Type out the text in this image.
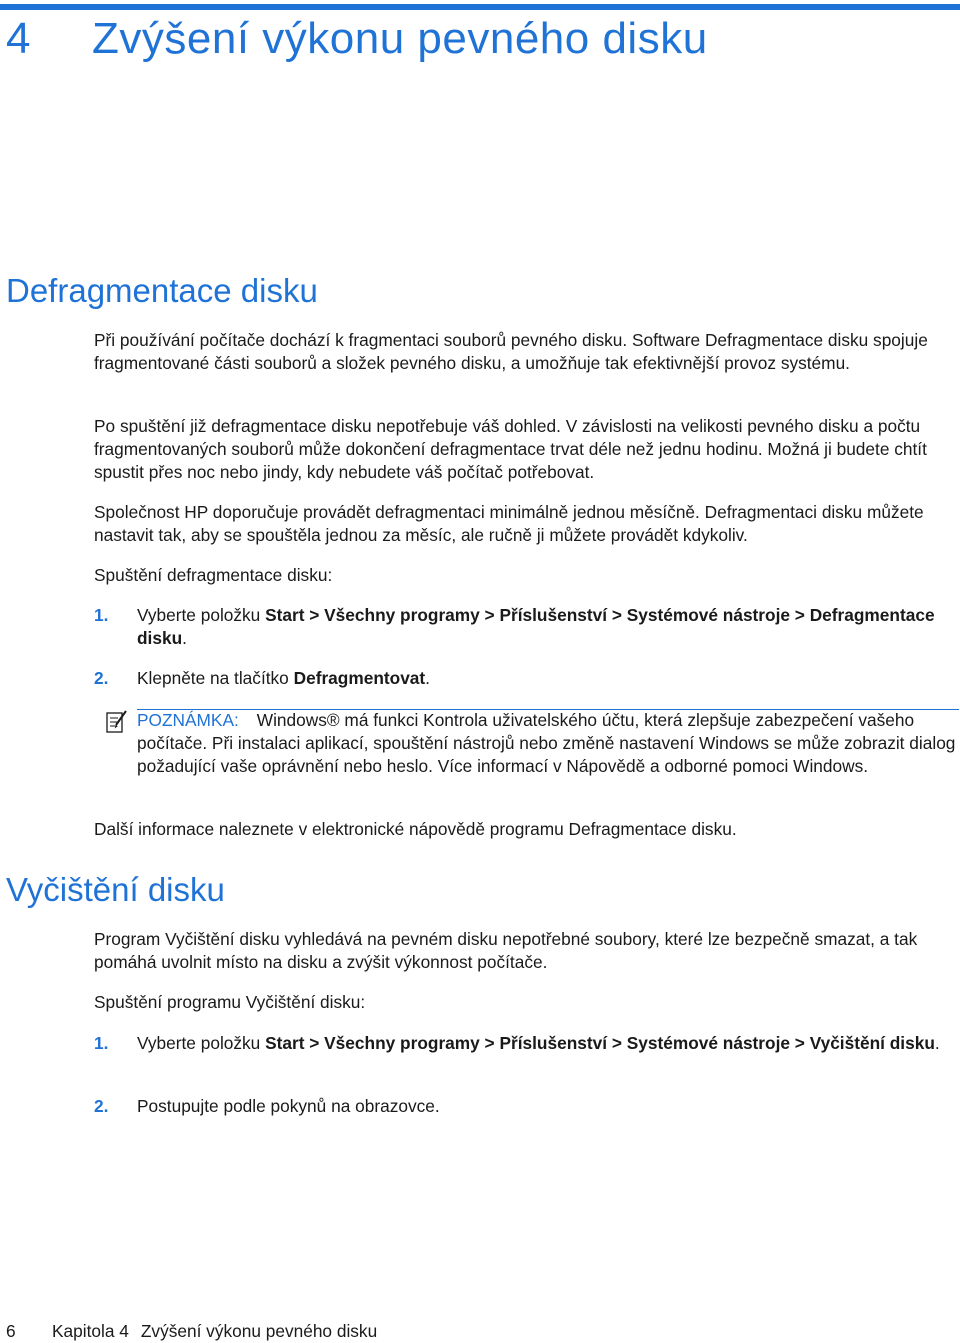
4 Zvýšení výkonu pevného disku
Defragmentace disku

Při používání počítače dochází k fragmentaci souborů pevného disku. Software Defragmentace disku spojuje fragmentované části souborů a složek pevného disku, a umožňuje tak efektivnější provoz systému.

Po spuštění již defragmentace disku nepotřebuje váš dohled. V závislosti na velikosti pevného disku a počtu fragmentovaných souborů může dokončení defragmentace trvat déle než jednu hodinu. Možná ji budete chtít spustit přes noc nebo jindy, kdy nebudete váš počítač potřebovat.

Společnost HP doporučuje provádět defragmentaci minimálně jednou měsíčně. Defragmentaci disku můžete nastavit tak, aby se spouštěla jednou za měsíc, ale ručně ji můžete provádět kdykoliv.

Spuštění defragmentace disku:

1. Vyberte položku Start > Všechny programy > Příslušenství > Systémové nástroje > Defragmentace disku.

2. Klepněte na tlačítko Defragmentovat.

POZNÁMKA: Windows® má funkci Kontrola uživatelského účtu, která zlepšuje zabezpečení vašeho počítače. Při instalaci aplikací, spouštění nástrojů nebo změně nastavení Windows se může zobrazit dialog požadující vaše oprávnění nebo heslo. Více informací v Nápovědě a odborné pomoci Windows.

Další informace naleznete v elektronické nápovědě programu Defragmentace disku.

Vyčištění disku

Program Vyčištění disku vyhledává na pevném disku nepotřebné soubory, které lze bezpečně smazat, a tak pomáhá uvolnit místo na disku a zvýšit výkonnost počítače.

Spuštění programu Vyčištění disku:

1. Vyberte položku Start > Všechny programy > Příslušenství > Systémové nástroje > Vyčištění disku.

2. Postupujte podle pokynů na obrazovce.

6 Kapitola 4 Zvýšení výkonu pevného disku
